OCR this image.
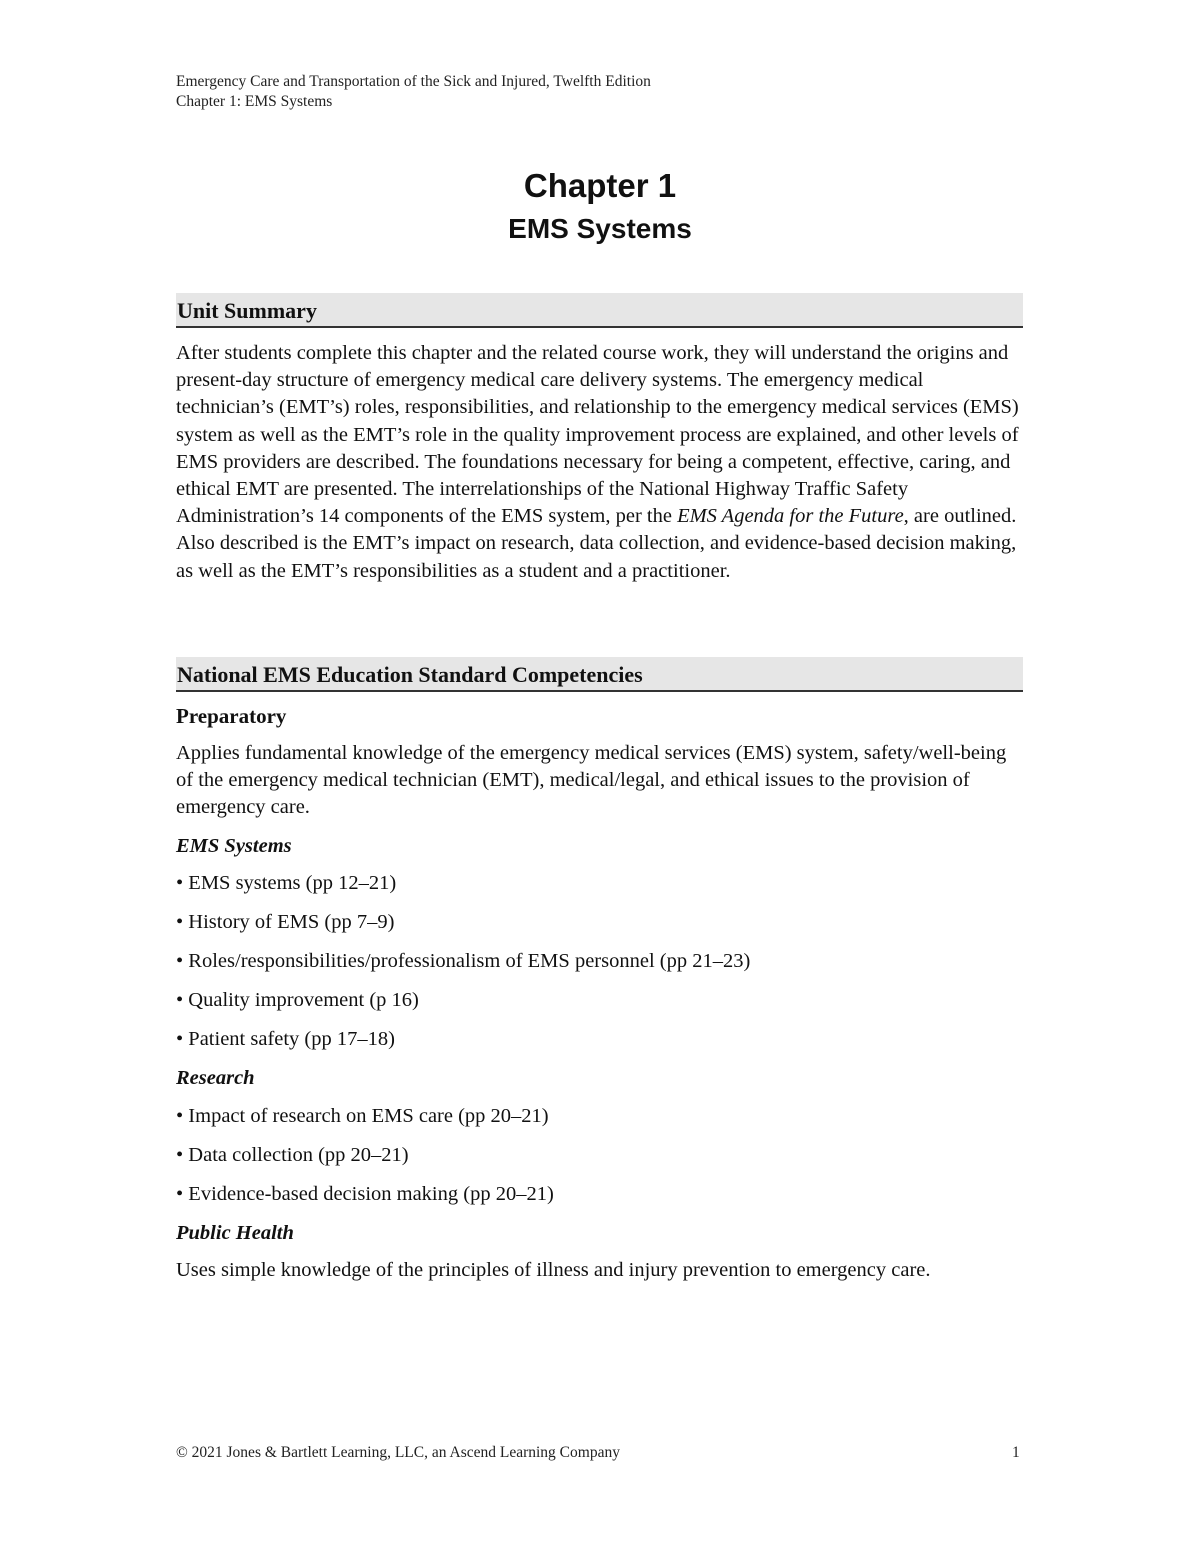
Emergency Care and Transportation of the Sick and Injured, Twelfth Edition
Chapter 1: EMS Systems
Chapter 1
EMS Systems
Unit Summary

After students complete this chapter and the related course work, they will understand the origins and present-day structure of emergency medical care delivery systems. The emergency medical technician’s (EMT’s) roles, responsibilities, and relationship to the emergency medical services (EMS) system as well as the EMT’s role in the quality improvement process are explained, and other levels of EMS providers are described. The foundations necessary for being a competent, effective, caring, and ethical EMT are presented. The interrelationships of the National Highway Traffic Safety Administration’s 14 components of the EMS system, per the EMS Agenda for the Future, are outlined. Also described is the EMT’s impact on research, data collection, and evidence-based decision making, as well as the EMT’s responsibilities as a student and a practitioner.

National EMS Education Standard Competencies

Preparatory

Applies fundamental knowledge of the emergency medical services (EMS) system, safety/well-being of the emergency medical technician (EMT), medical/legal, and ethical issues to the provision of emergency care.

EMS Systems

• EMS systems (pp 12–21)

• History of EMS (pp 7–9)

• Roles/responsibilities/professionalism of EMS personnel (pp 21–23)

• Quality improvement (p 16)

• Patient safety (pp 17–18)

Research

• Impact of research on EMS care (pp 20–21)

• Data collection (pp 20–21)

• Evidence-based decision making (pp 20–21)

Public Health

Uses simple knowledge of the principles of illness and injury prevention to emergency care.

© 2021 Jones & Bartlett Learning, LLC, an Ascend Learning Company	1
